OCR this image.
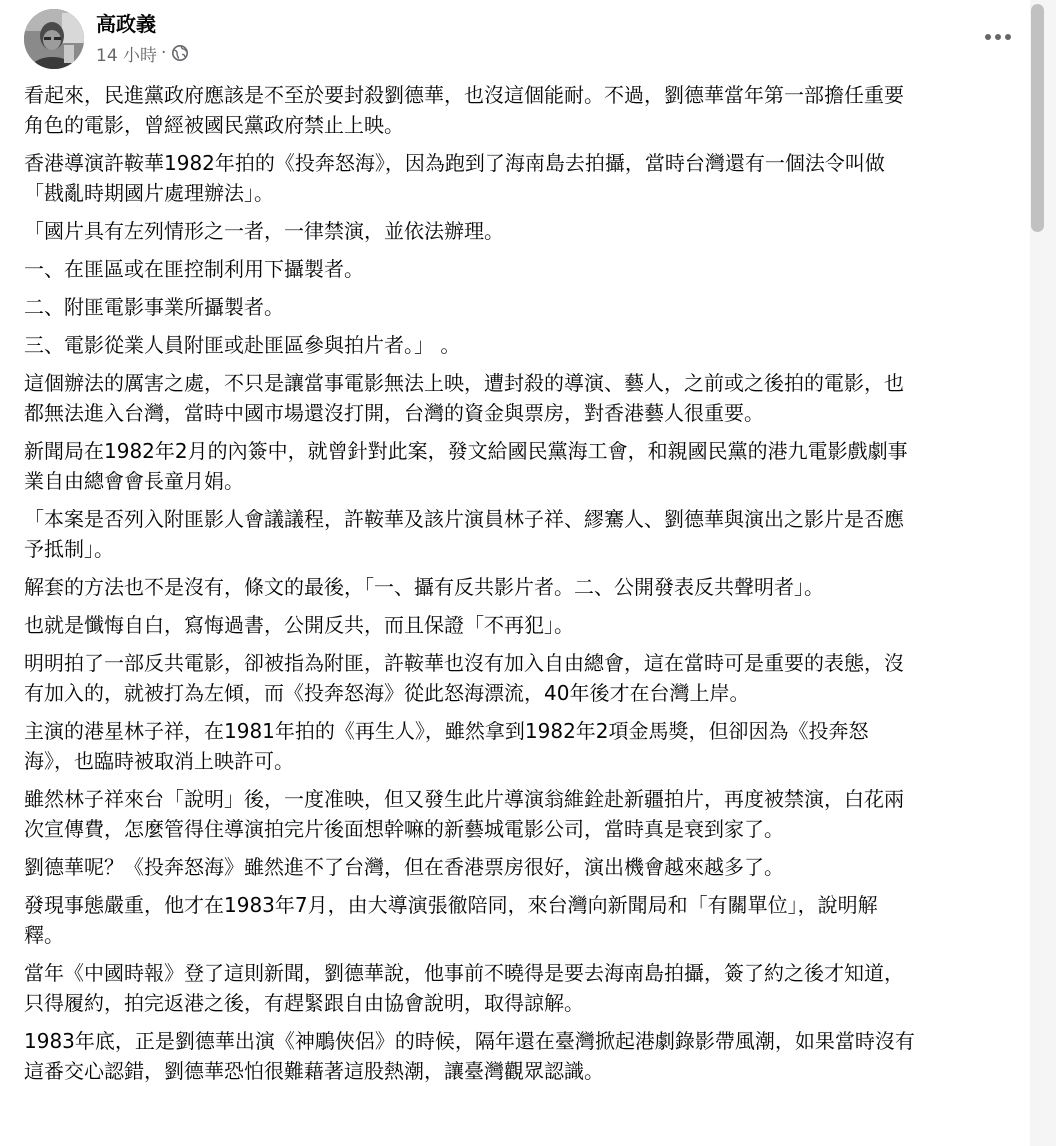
高政義
14 小時 ·

看起來，民進黨政府應該是不至於要封殺劉德華，也沒這個能耐。不過，劉德華當年第一部擔任重要
角色的電影，曾經被國民黨政府禁止上映。

香港導演許鞍華1982年拍的《投奔怒海》，因為跑到了海南島去拍攝，當時台灣還有一個法令叫做
「戡亂時期國片處理辦法」。

「國片具有左列情形之一者，一律禁演，並依法辦理。

一、在匪區或在匪控制利用下攝製者。

二、附匪電影事業所攝製者。

三、電影從業人員附匪或赴匪區參與拍片者。」 。

這個辦法的厲害之處，不只是讓當事電影無法上映，遭封殺的導演、藝人，之前或之後拍的電影，也
都無法進入台灣，當時中國市場還沒打開，台灣的資金與票房，對香港藝人很重要。

新聞局在1982年2月的內簽中，就曾針對此案，發文給國民黨海工會，和親國民黨的港九電影戲劇事
業自由總會會長童月娟。

「本案是否列入附匪影人會議議程，許鞍華及該片演員林子祥、繆騫人、劉德華與演出之影片是否應
予抵制」。

解套的方法也不是沒有，條文的最後，「一、攝有反共影片者。二、公開發表反共聲明者」。

也就是懺悔自白，寫悔過書，公開反共，而且保證「不再犯」。

明明拍了一部反共電影，卻被指為附匪，許鞍華也沒有加入自由總會，這在當時可是重要的表態，沒
有加入的，就被打為左傾，而《投奔怒海》從此怒海漂流，40年後才在台灣上岸。

主演的港星林子祥，在1981年拍的《再生人》，雖然拿到1982年2項金馬獎，但卻因為《投奔怒
海》，也臨時被取消上映許可。

雖然林子祥來台「說明」後，一度准映，但又發生此片導演翁維銓赴新疆拍片，再度被禁演，白花兩
次宣傳費，怎麼管得住導演拍完片後面想幹嘛的新藝城電影公司，當時真是衰到家了。

劉德華呢？《投奔怒海》雖然進不了台灣，但在香港票房很好，演出機會越來越多了。

發現事態嚴重，他才在1983年7月，由大導演張徹陪同，來台灣向新聞局和「有關單位」，說明解
釋。

當年《中國時報》登了這則新聞，劉德華說，他事前不曉得是要去海南島拍攝，簽了約之後才知道，
只得履約，拍完返港之後，有趕緊跟自由協會說明，取得諒解。

1983年底，正是劉德華出演《神鵰俠侶》的時候，隔年還在臺灣掀起港劇錄影帶風潮，如果當時沒有
這番交心認錯，劉德華恐怕很難藉著這股熱潮，讓臺灣觀眾認識。
